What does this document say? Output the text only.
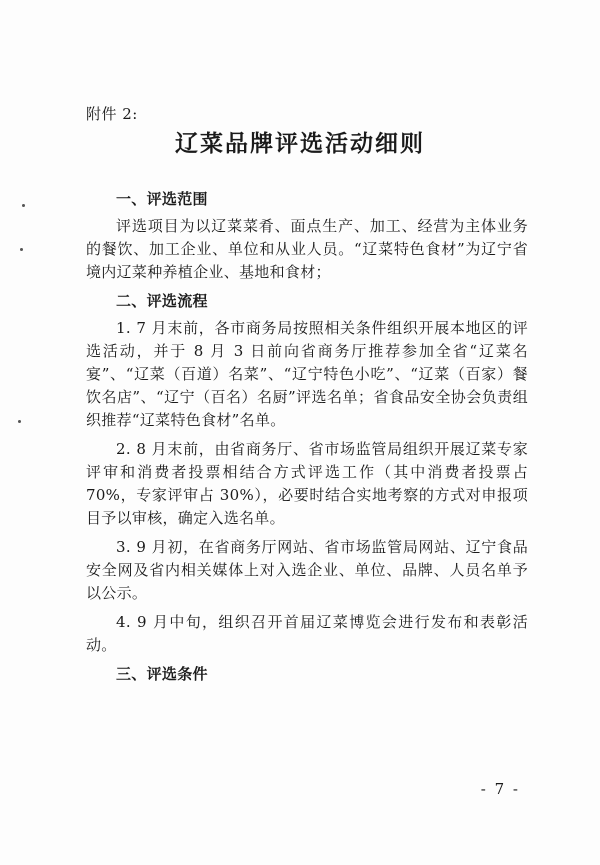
附件 2:
辽菜品牌评选活动细则
一、评选范围
评选项目为以辽菜菜肴、面点生产、加工、经营为主体业务的餐饮、加工企业、单位和从业人员。“辽菜特色食材”为辽宁省境内辽菜种养植企业、基地和食材；
二、评选流程
1. 7 月末前，各市商务局按照相关条件组织开展本地区的评选活动，并于 8 月 3 日前向省商务厅推荐参加全省“辽菜名宴”、“辽菜（百道）名菜”、“辽宁特色小吃”、“辽菜（百家）餐饮名店”、“辽宁（百名）名厨”评选名单；省食品安全协会负责组织推荐“辽菜特色食材”名单。
2. 8 月末前，由省商务厅、省市场监管局组织开展辽菜专家评审和消费者投票相结合方式评选工作（其中消费者投票占 70%，专家评审占 30%），必要时结合实地考察的方式对申报项目予以审核，确定入选名单。
3. 9 月初，在省商务厅网站、省市场监管局网站、辽宁食品安全网及省内相关媒体上对入选企业、单位、品牌、人员名单予以公示。
4. 9 月中旬，组织召开首届辽菜博览会进行发布和表彰活动。
三、评选条件
- 7 -
